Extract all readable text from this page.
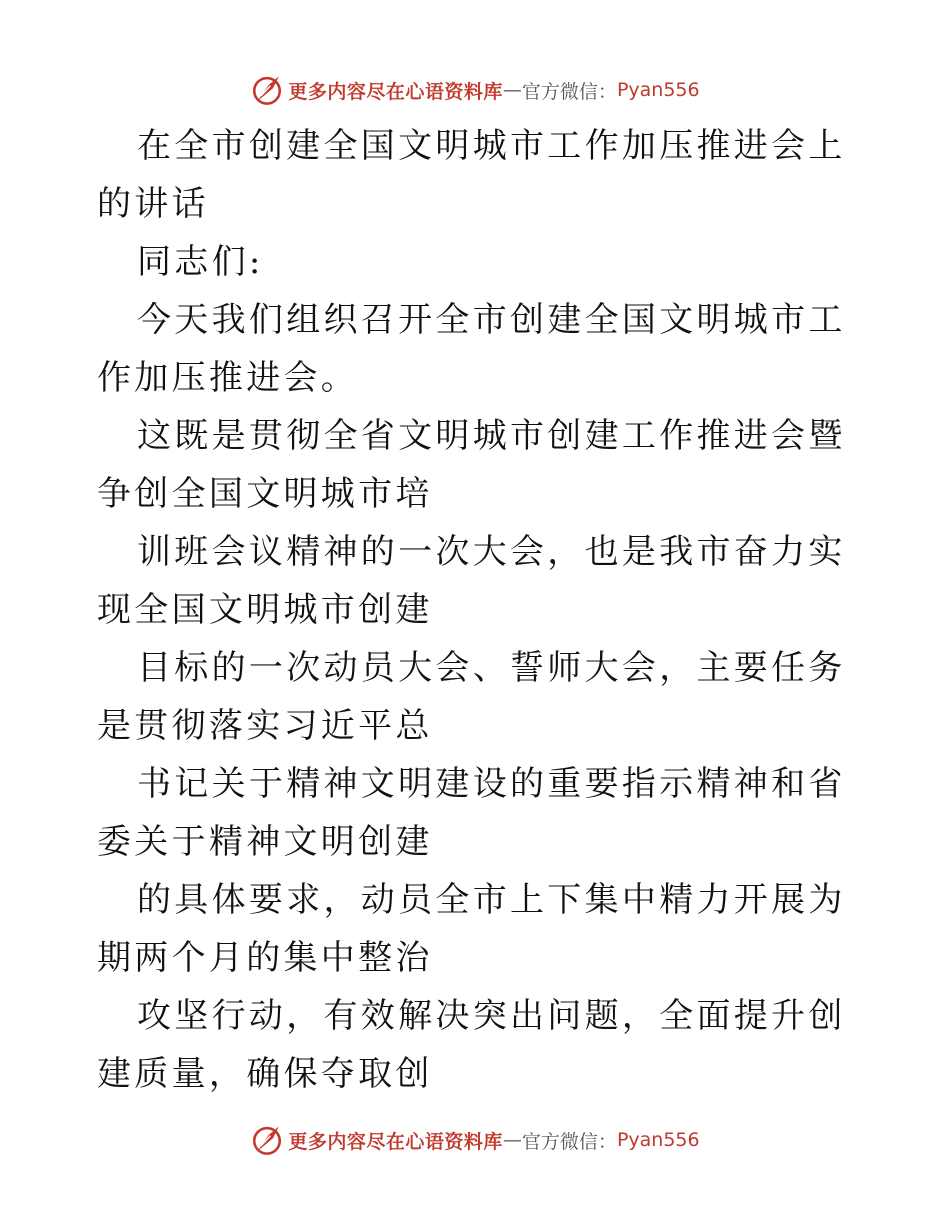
更多内容尽在心语资料库 — 官方微信： Pyan556

在全市创建全国文明城市工作加压推进会上的讲话

同志们:

今天我们组织召开全市创建全国文明城市工作加压推进会。

这既是贯彻全省文明城市创建工作推进会暨争创全国文明城市培

训班会议精神的一次大会，也是我市奋力实现全国文明城市创建

目标的一次动员大会、誓师大会，主要任务是贯彻落实习近平总

书记关于精神文明建设的重要指示精神和省委关于精神文明创建

的具体要求，动员全市上下集中精力开展为期两个月的集中整治

攻坚行动，有效解决突出问题，全面提升创建质量，确保夺取创

更多内容尽在心语资料库 — 官方微信： Pyan556
